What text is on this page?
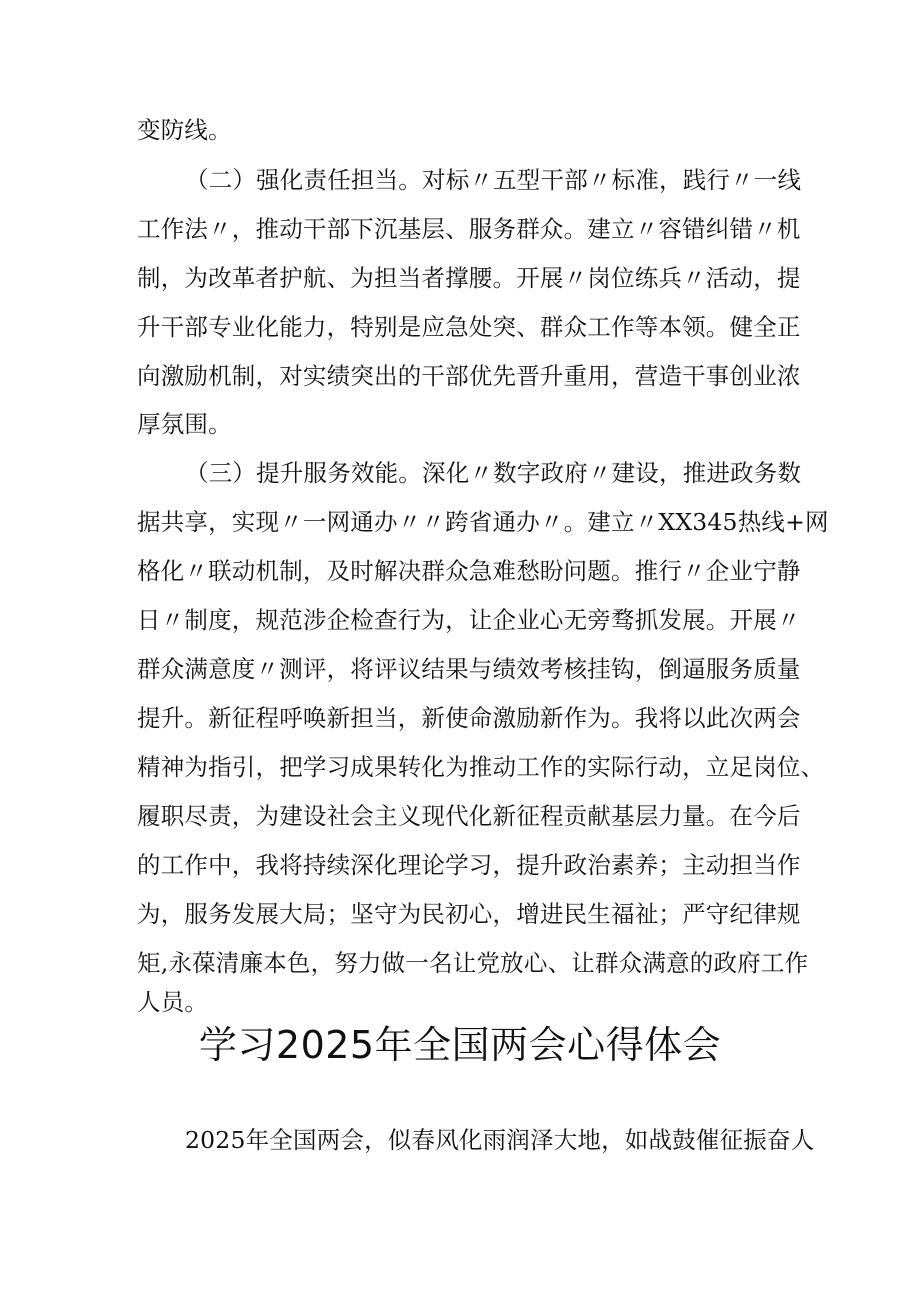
变防线。
（二）强化责任担当。对标〃五型干部〃标准，践行〃一线
工作法〃，推动干部下沉基层、服务群众。建立〃容错纠错〃机
制，为改革者护航、为担当者撑腰。开展〃岗位练兵〃活动，提
升干部专业化能力，特别是应急处突、群众工作等本领。健全正
向激励机制，对实绩突出的干部优先晋升重用，营造干事创业浓
厚氛围。
（三）提升服务效能。深化〃数字政府〃建设，推进政务数
据共享，实现〃一网通办〃〃跨省通办〃。建立〃XX345热线+网
格化〃联动机制，及时解决群众急难愁盼问题。推行〃企业宁静
日〃制度，规范涉企检查行为，让企业心无旁骛抓发展。开展〃
群众满意度〃测评，将评议结果与绩效考核挂钩，倒逼服务质量
提升。新征程呼唤新担当，新使命激励新作为。我将以此次两会
精神为指引，把学习成果转化为推动工作的实际行动，立足岗位、
履职尽责，为建设社会主义现代化新征程贡献基层力量。在今后
的工作中，我将持续深化理论学习，提升政治素养；主动担当作
为，服务发展大局；坚守为民初心，增进民生福祉；严守纪律规
矩,永葆清廉本色，努力做一名让党放心、让群众满意的政府工作
人员。
学习2025年全国两会心得体会
2025年全国两会，似春风化雨润泽大地，如战鼓催征振奋人
